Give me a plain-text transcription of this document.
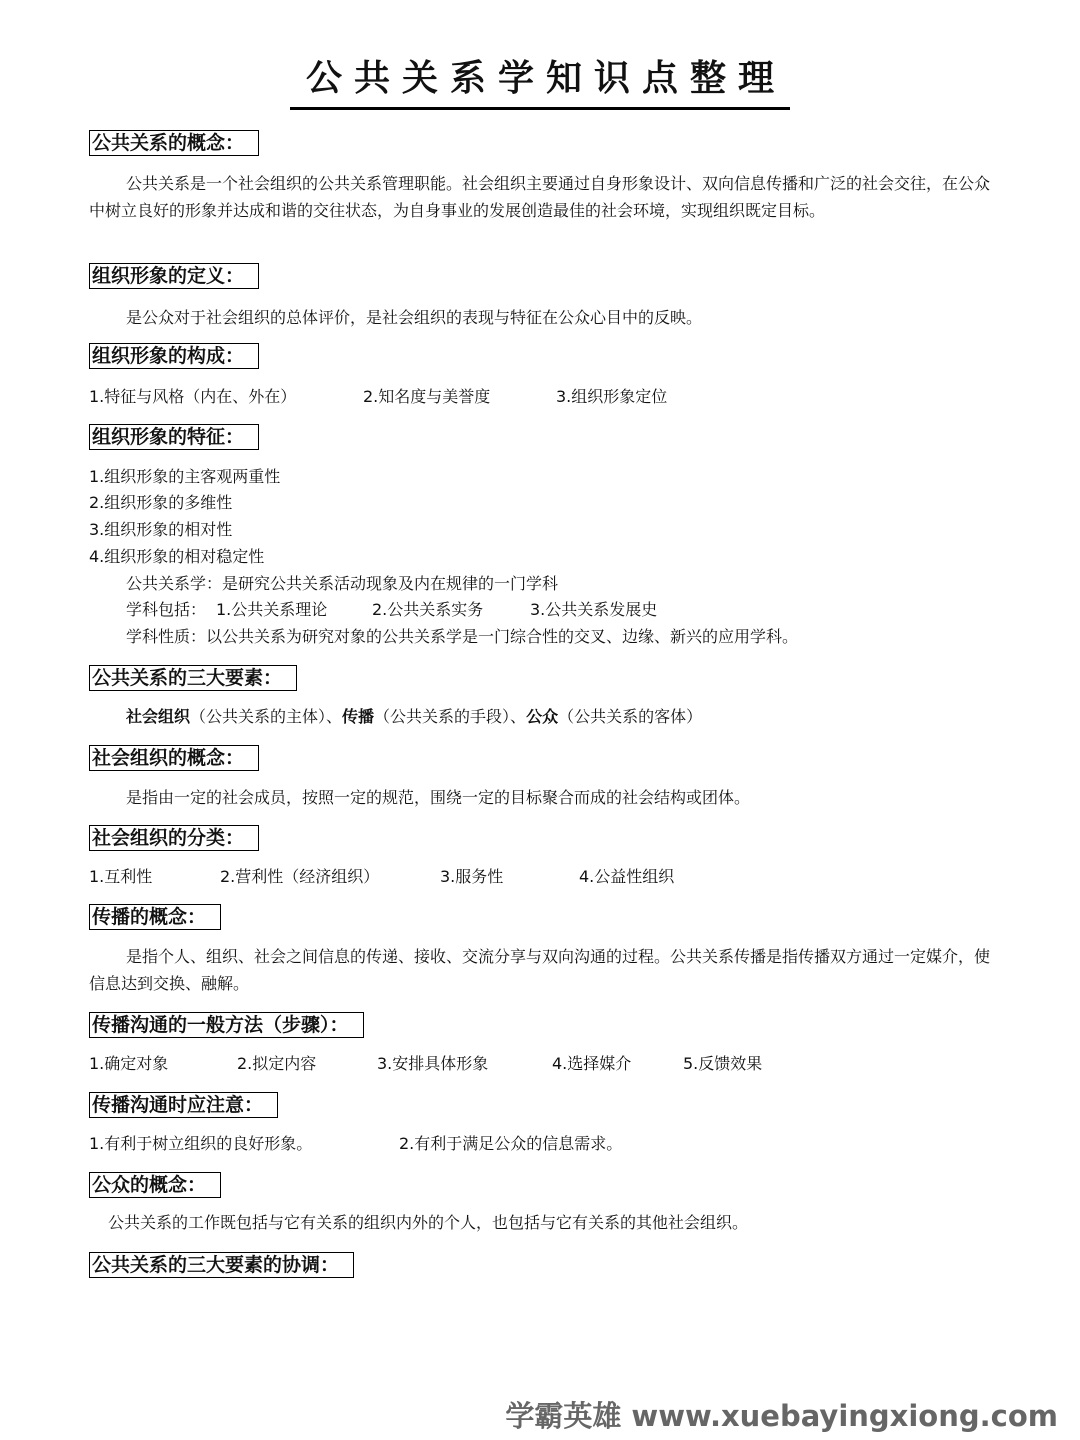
公共关系学知识点整理
公共关系的概念：
公共关系是一个社会组织的公共关系管理职能。社会组织主要通过自身形象设计、双向信息传播和广泛的社会交往，在公众中树立良好的形象并达成和谐的交往状态，为自身事业的发展创造最佳的社会环境，实现组织既定目标。
组织形象的定义：
是公众对于社会组织的总体评价，是社会组织的表现与特征在公众心目中的反映。
组织形象的构成：
1.特征与风格（内在、外在）	2.知名度与美誉度	3.组织形象定位
组织形象的特征：
1.组织形象的主客观两重性
2.组织形象的多维性
3.组织形象的相对性
4.组织形象的相对稳定性
公共关系学：是研究公共关系活动现象及内在规律的一门学科
学科包括： 1.公共关系理论	2.公共关系实务	3.公共关系发展史
学科性质：以公共关系为研究对象的公共关系学是一门综合性的交叉、边缘、新兴的应用学科。
公共关系的三大要素：
社会组织（公共关系的主体）、传播（公共关系的手段）、公众（公共关系的客体）
社会组织的概念：
是指由一定的社会成员，按照一定的规范，围绕一定的目标聚合而成的社会结构或团体。
社会组织的分类：
1.互利性	2.营利性（经济组织）	3.服务性	4.公益性组织
传播的概念：
是指个人、组织、社会之间信息的传递、接收、交流分享与双向沟通的过程。公共关系传播是指传播双方通过一定媒介，使信息达到交换、融解。
传播沟通的一般方法（步骤）：
1.确定对象	2.拟定内容	3.安排具体形象	4.选择媒介	5.反馈效果
传播沟通时应注意：
1.有利于树立组织的良好形象。	2.有利于满足公众的信息需求。
公众的概念：
公共关系的工作既包括与它有关系的组织内外的个人，也包括与它有关系的其他社会组织。
公共关系的三大要素的协调：
学霸英雄 www.xuebayingxiong.com
